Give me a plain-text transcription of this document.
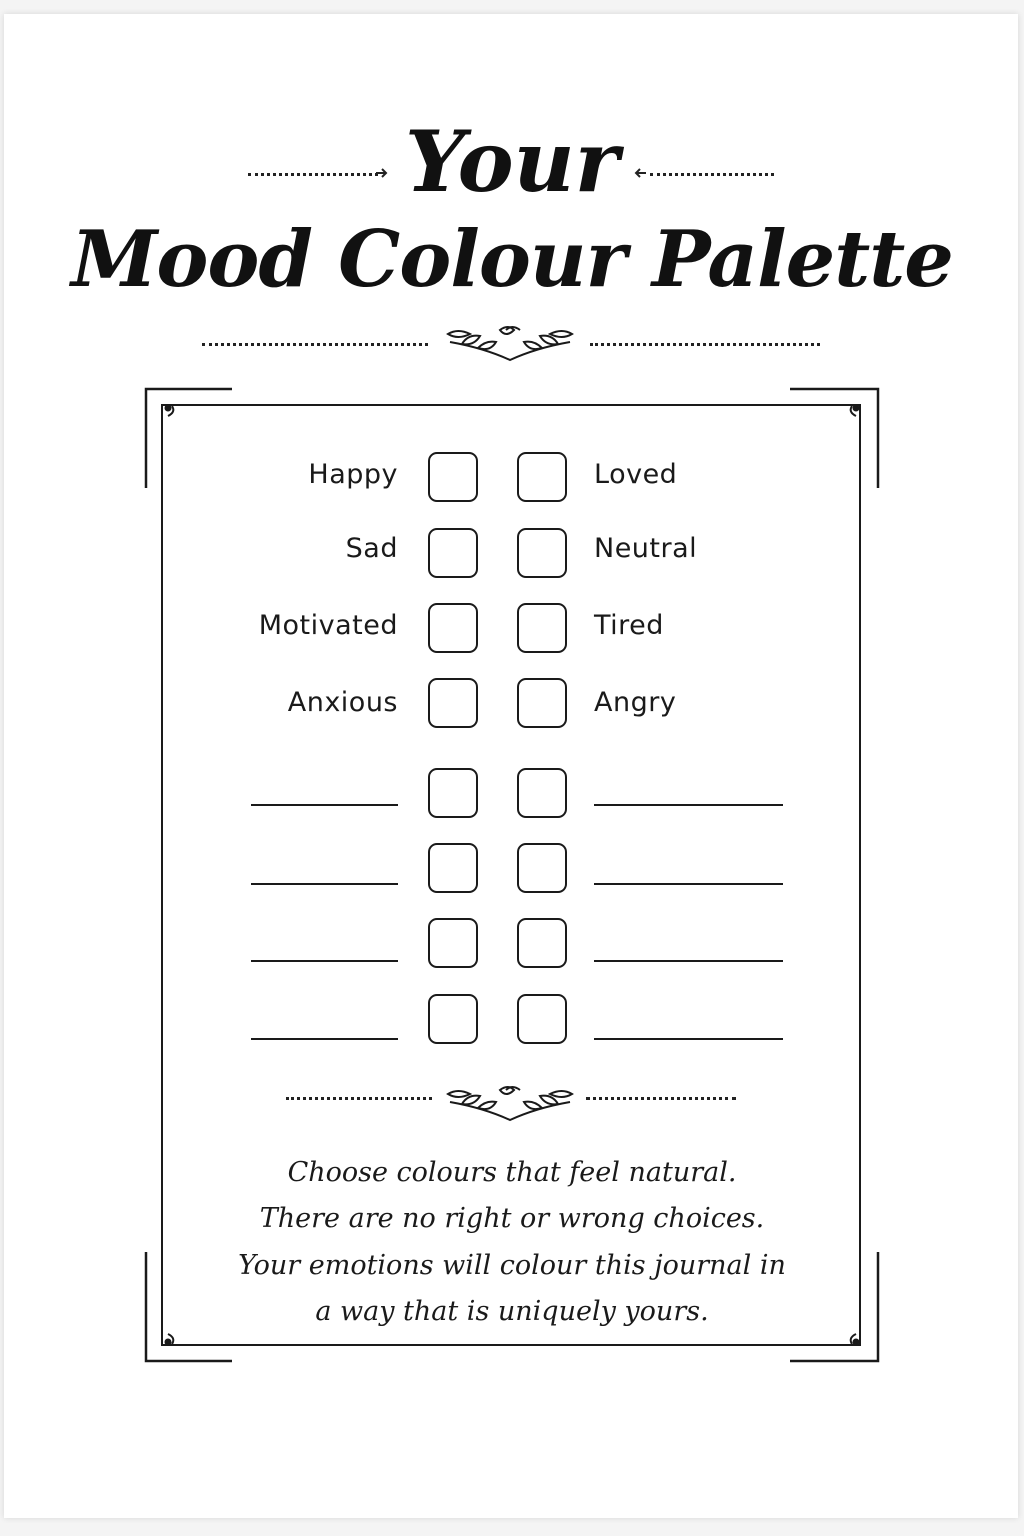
Your
Mood Colour Palette
Happy	Loved
Sad	Neutral
Motivated	Tired
Anxious	Angry

Choose colours that feel natural.

There are no right or wrong choices.

Your emotions will colour this journal in

a way that is uniquely yours.
